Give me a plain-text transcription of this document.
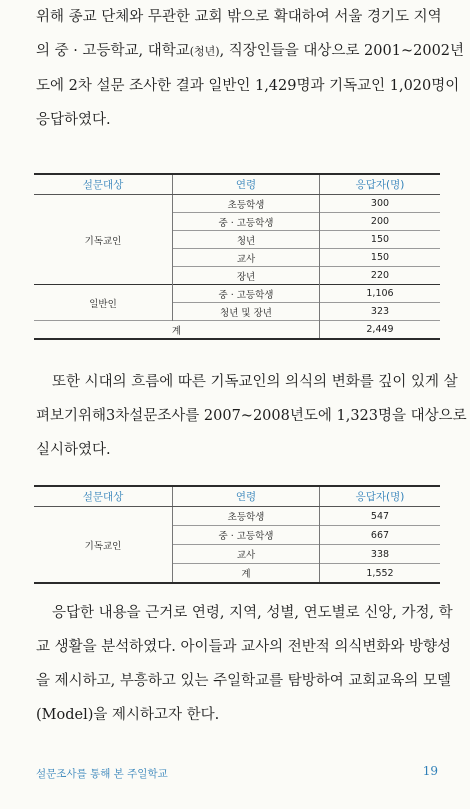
위해 종교 단체와 무관한 교회 밖으로 확대하여 서울 경기도 지역
의 중 · 고등학교, 대학교(청년), 직장인들을 대상으로 2001~2002년
도에 2차 설문 조사한 결과 일반인 1,429명과 기독교인 1,020명이
응답하였다.

설문대상	연령	응답자(명)
기독교인	초등학생	300
	중 · 고등학생	200
	청년	150
	교사	150
	장년	220
일반인	중 · 고등학생	1,106
	청년 및 장년	323
계		2,449

또한 시대의 흐름에 따른 기독교인의 의식의 변화를 깊이 있게 살
펴보기위해3차설문조사를 2007~2008년도에 1,323명을 대상으로
실시하였다.

설문대상	연령	응답자(명)
기독교인	초등학생	547
	중 · 고등학생	667
	교사	338
	계	1,552

응답한 내용을 근거로 연령, 지역, 성별, 연도별로 신앙, 가정, 학
교 생활을 분석하였다. 아이들과 교사의 전반적 의식변화와 방향성
을 제시하고, 부흥하고 있는 주일학교를 탐방하여 교회교육의 모델
(Model)을 제시하고자 한다.

설문조사를 통해 본 주일학교	19
